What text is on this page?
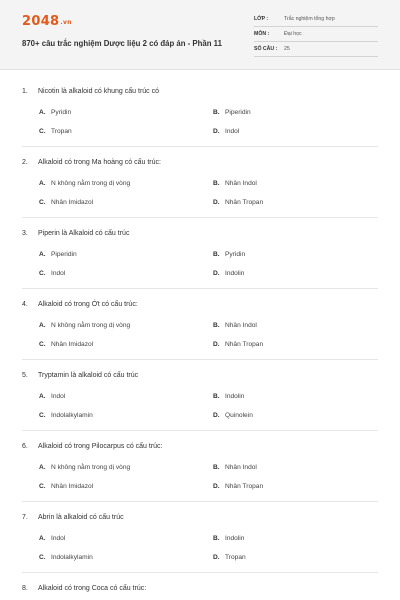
2048.vn
870+ câu trắc nghiệm Dược liệu 2 có đáp án - Phần 11
LỚP :	Trắc nghiệm tổng hợp
MÔN :	Đại học
SỐ CÂU :	25
1.	Nicotin là alkaloid có khung cấu trúc có
A. Pyridin	B. Piperidin
C. Tropan	D. Indol
2.	Alkaloid có trong Ma hoàng có cấu trúc:
A. N không nằm trong dị vòng	B. Nhân Indol
C. Nhân Imidazol	D. Nhân Tropan
3.	Piperin là Alkaloid có cấu trúc
A. Piperidin	B. Pyridin
C. Indol	D. Indolin
4.	Alkaloid có trong Ớt có cấu trúc:
A. N không nằm trong dị vòng	B. Nhân Indol
C. Nhân Imidazol	D. Nhân Tropan
5.	Tryptamin là alkaloid có cấu trúc
A. Indol	B. Indolin
C. Indolalkylamin	D. Quinolein
6.	Alkaloid có trong Pilocarpus có cấu trúc:
A. N không nằm trong dị vòng	B. Nhân Indol
C. Nhân Imidazol	D. Nhân Tropan
7.	Abrin là alkaloid có cấu trúc
A. Indol	B. Indolin
C. Indolalkylamin	D. Tropan
8.	Alkaloid có trong Coca có cấu trúc:
